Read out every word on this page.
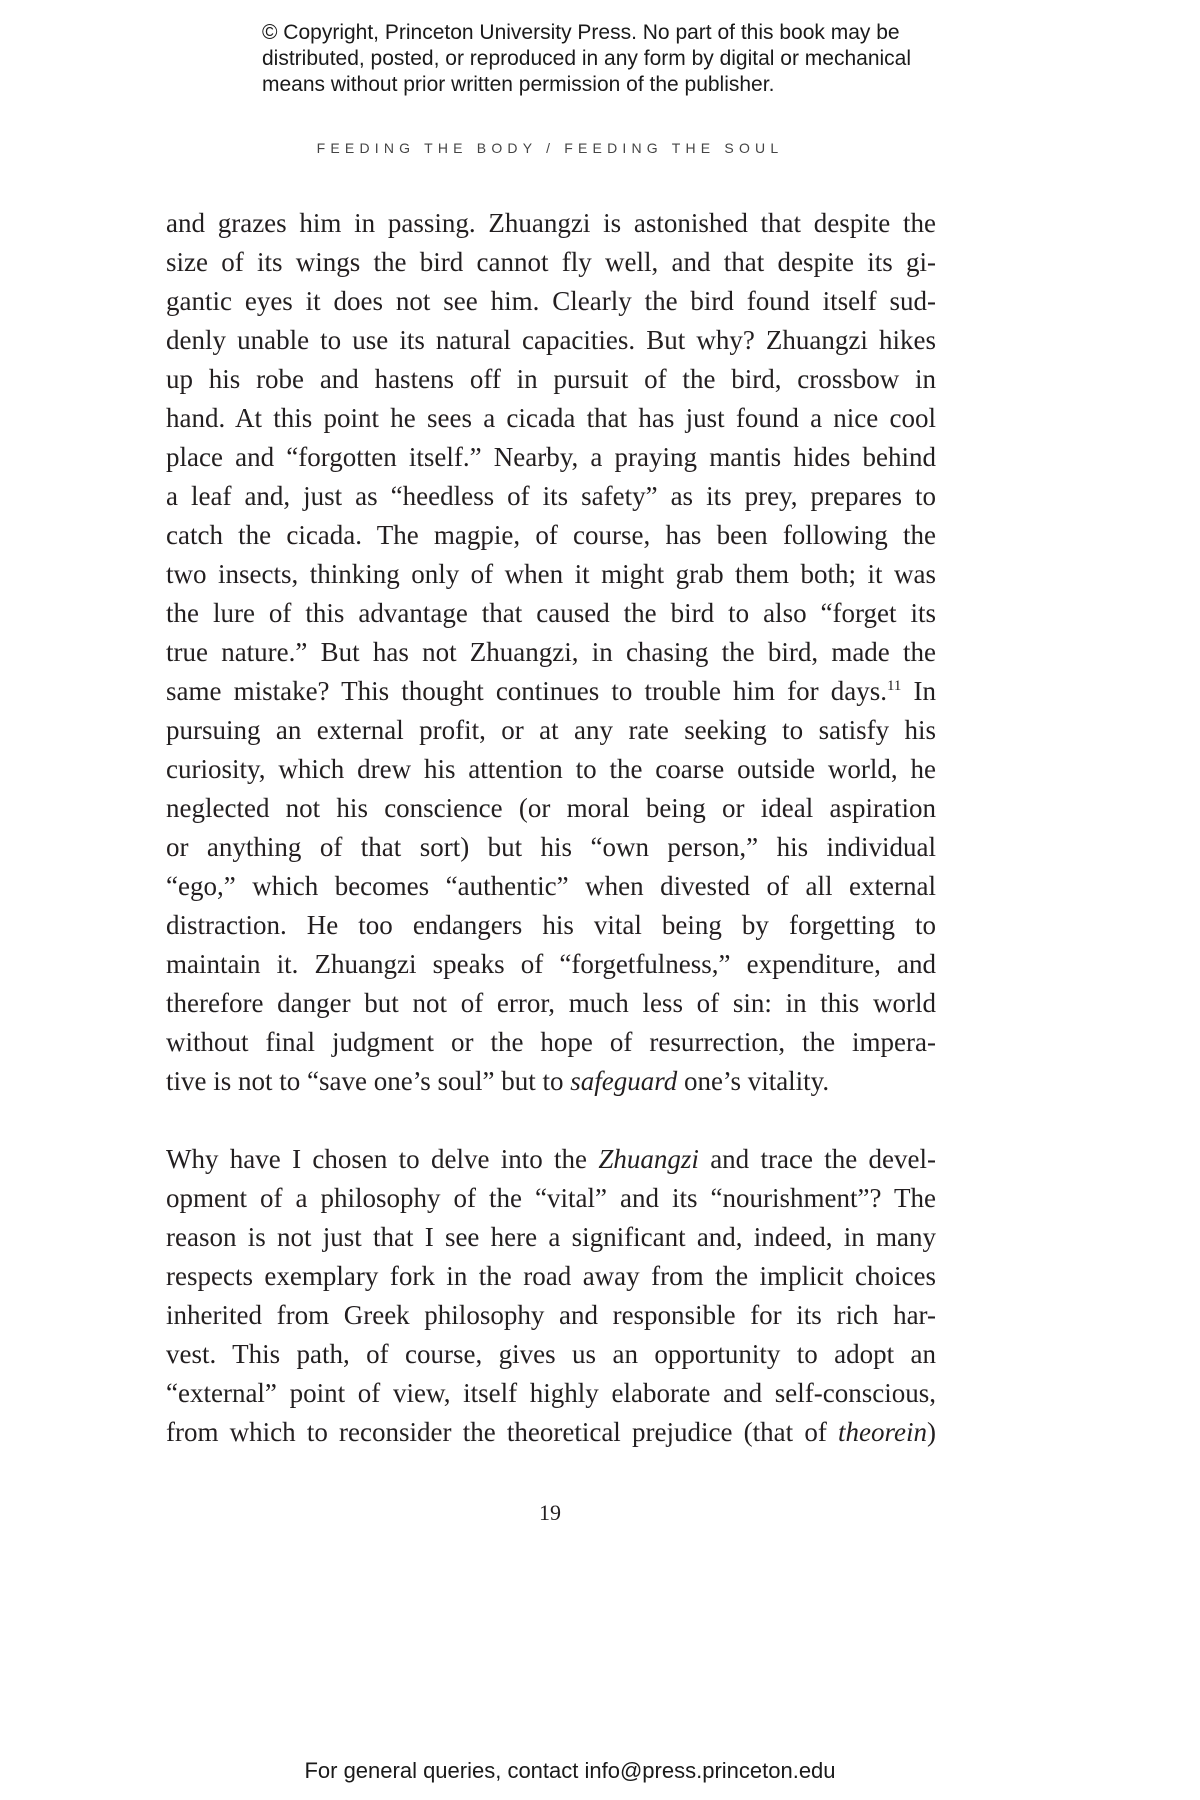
© Copyright, Princeton University Press. No part of this book may be
distributed, posted, or reproduced in any form by digital or mechanical
means without prior written permission of the publisher.
FEEDING THE BODY / FEEDING THE SOUL
and grazes him in passing. Zhuangzi is astonished that despite the
size of its wings the bird cannot fly well, and that despite its gi-
gantic eyes it does not see him. Clearly the bird found itself sud-
denly unable to use its natural capacities. But why? Zhuangzi hikes
up his robe and hastens off in pursuit of the bird, crossbow in
hand. At this point he sees a cicada that has just found a nice cool
place and “forgotten itself.” Nearby, a praying mantis hides behind
a leaf and, just as “heedless of its safety” as its prey, prepares to
catch the cicada. The magpie, of course, has been following the
two insects, thinking only of when it might grab them both; it was
the lure of this advantage that caused the bird to also “forget its
true nature.” But has not Zhuangzi, in chasing the bird, made the
same mistake? This thought continues to trouble him for days.$^{11}$ In
pursuing an external profit, or at any rate seeking to satisfy his
curiosity, which drew his attention to the coarse outside world, he
neglected not his conscience (or moral being or ideal aspiration
or anything of that sort) but his “own person,” his individual
“ego,” which becomes “authentic” when divested of all external
distraction. He too endangers his vital being by forgetting to
maintain it. Zhuangzi speaks of “forgetfulness,” expenditure, and
therefore danger but not of error, much less of sin: in this world
without final judgment or the hope of resurrection, the impera-
tive is not to “save one’s soul” but to safeguard one’s vitality.
Why have I chosen to delve into the Zhuangzi and trace the devel-
opment of a philosophy of the “vital” and its “nourishment”? The
reason is not just that I see here a significant and, indeed, in many
respects exemplary fork in the road away from the implicit choices
inherited from Greek philosophy and responsible for its rich har-
vest. This path, of course, gives us an opportunity to adopt an
“external” point of view, itself highly elaborate and self-conscious,
from which to reconsider the theoretical prejudice (that of theorein)
19
For general queries, contact info@press.princeton.edu
